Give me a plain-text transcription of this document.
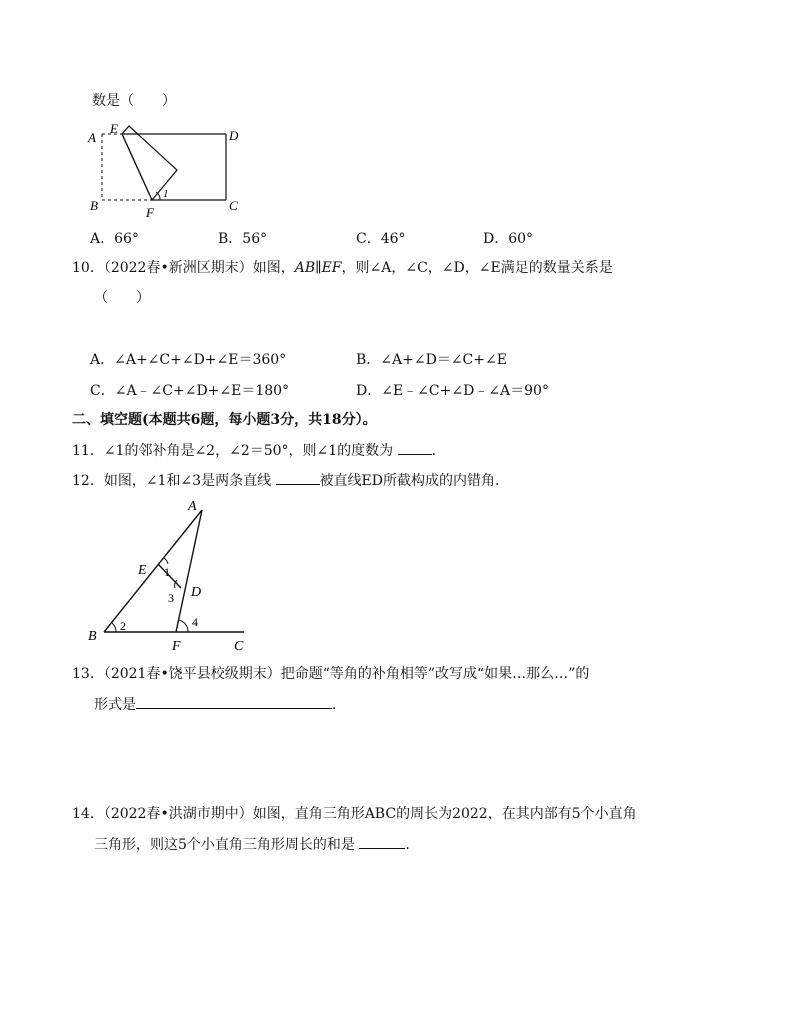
数是（　　）
A
E	D
B	F	C
1
A．66°	B．56°	C．46°	D．60°
10．（2022春•新洲区期末）如图，AB∥EF，则∠A，∠C，∠D，∠E满足的数量关系是
（　　）
A．∠A+∠C+∠D+∠E＝360°	B．∠A+∠D＝∠C+∠E
C．∠A﹣∠C+∠D+∠E＝180°	D．∠E﹣∠C+∠D﹣∠A＝90°
二、填空题(本题共6题，每小题3分，共18分）。
11．∠1的邻补角是∠2，∠2＝50°，则∠1的度数为	．
12．如图，∠1和∠3是两条直线	被直线ED所截构成的内错角．
A
E
D
B
F	C
1
2
3
4
13．（2021春•饶平县校级期末）把命题“等角的补角相等”改写成“如果…那么…”的
形式是	．
14．（2022春•洪湖市期中）如图，直角三角形ABC的周长为2022，在其内部有5个小直角
三角形，则这5个小直角三角形周长的和是	．
